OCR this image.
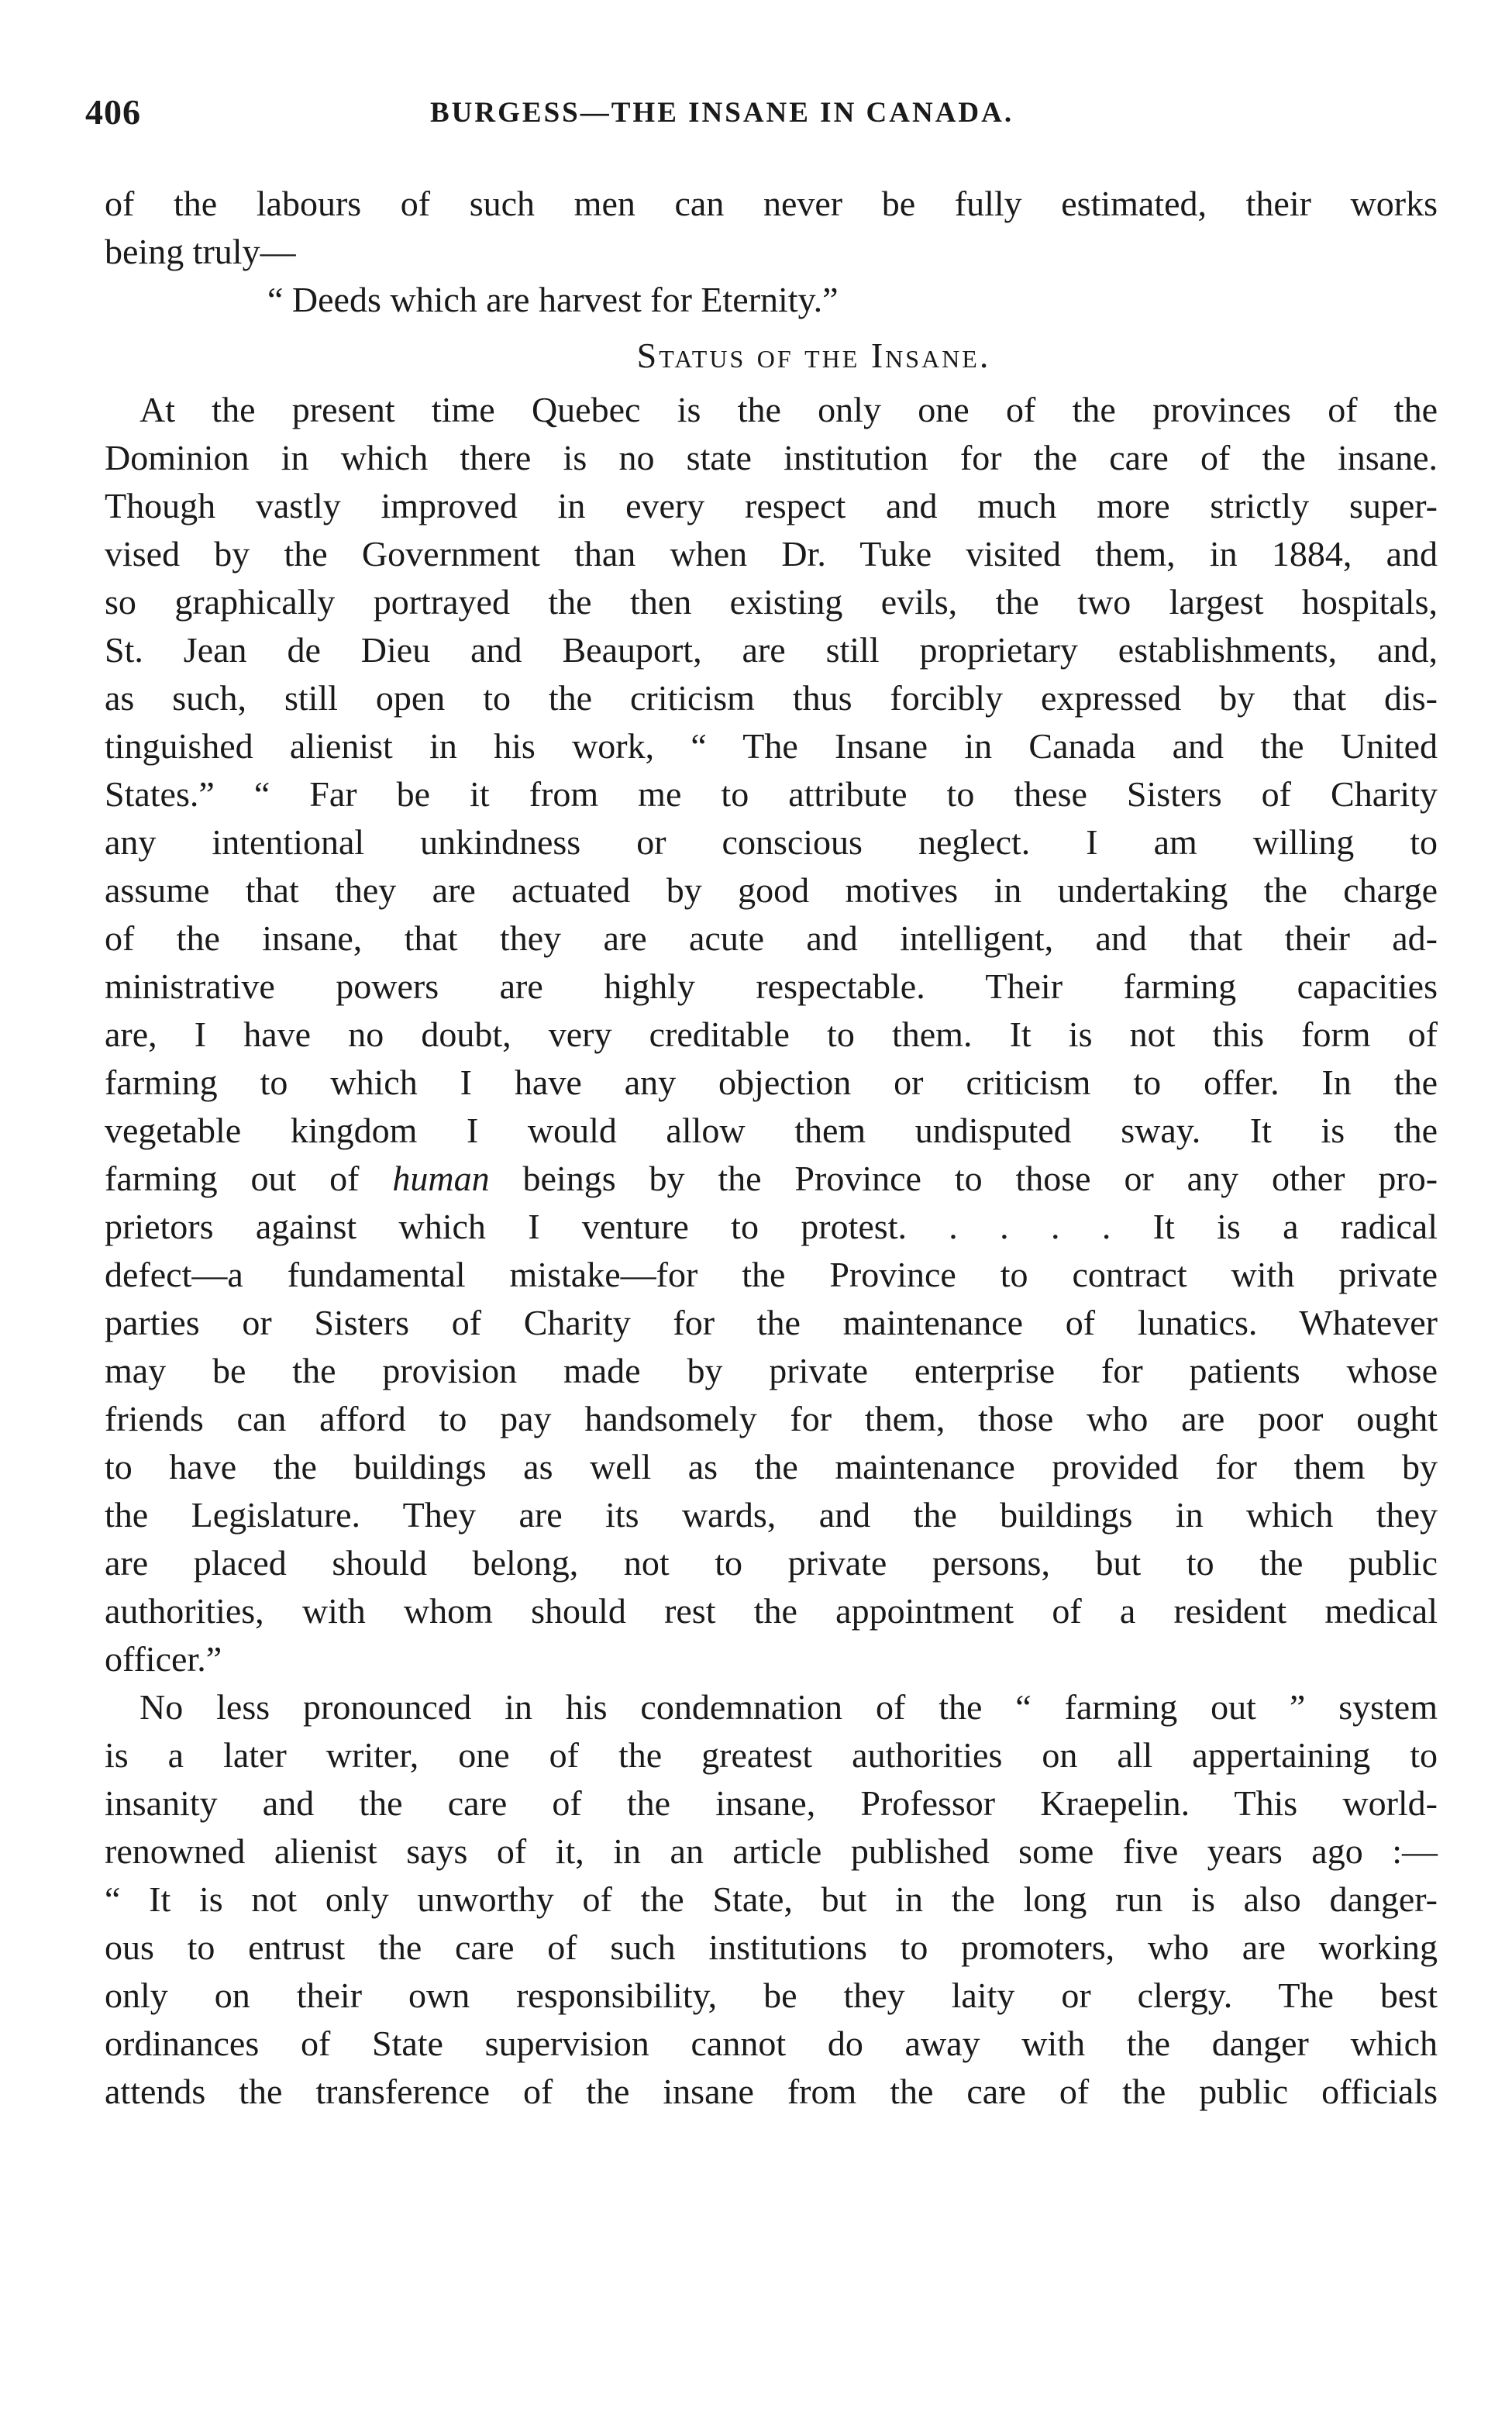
406	BURGESS—THE INSANE IN CANADA.
of the labours of such men can never be fully estimated, their works
being truly—
“ Deeds which are harvest for Eternity.”
Status of the Insane.
At the present time Quebec is the only one of the provinces of the
Dominion in which there is no state institution for the care of the insane.
Though vastly improved in every respect and much more strictly super-
vised by the Government than when Dr. Tuke visited them, in 1884, and
so graphically portrayed the then existing evils, the two largest hospitals,
St. Jean de Dieu and Beauport, are still proprietary establishments, and,
as such, still open to the criticism thus forcibly expressed by that dis-
tinguished alienist in his work, “ The Insane in Canada and the United
States.” “ Far be it from me to attribute to these Sisters of Charity
any intentional unkindness or conscious neglect. I am willing to
assume that they are actuated by good motives in undertaking the charge
of the insane, that they are acute and intelligent, and that their ad-
ministrative powers are highly respectable. Their farming capacities
are, I have no doubt, very creditable to them. It is not this form of
farming to which I have any objection or criticism to offer. In the
vegetable kingdom I would allow them undisputed sway. It is the
farming out of human beings by the Province to those or any other pro-
prietors against which I venture to protest. . . . . It is a radical
defect—a fundamental mistake—for the Province to contract with private
parties or Sisters of Charity for the maintenance of lunatics. Whatever
may be the provision made by private enterprise for patients whose
friends can afford to pay handsomely for them, those who are poor ought
to have the buildings as well as the maintenance provided for them by
the Legislature. They are its wards, and the buildings in which they
are placed should belong, not to private persons, but to the public
authorities, with whom should rest the appointment of a resident medical
officer.”
No less pronounced in his condemnation of the “ farming out ” system
is a later writer, one of the greatest authorities on all appertaining to
insanity and the care of the insane, Professor Kraepelin. This world-
renowned alienist says of it, in an article published some five years ago :—
“ It is not only unworthy of the State, but in the long run is also danger-
ous to entrust the care of such institutions to promoters, who are working
only on their own responsibility, be they laity or clergy. The best
ordinances of State supervision cannot do away with the danger which
attends the transference of the insane from the care of the public officials
